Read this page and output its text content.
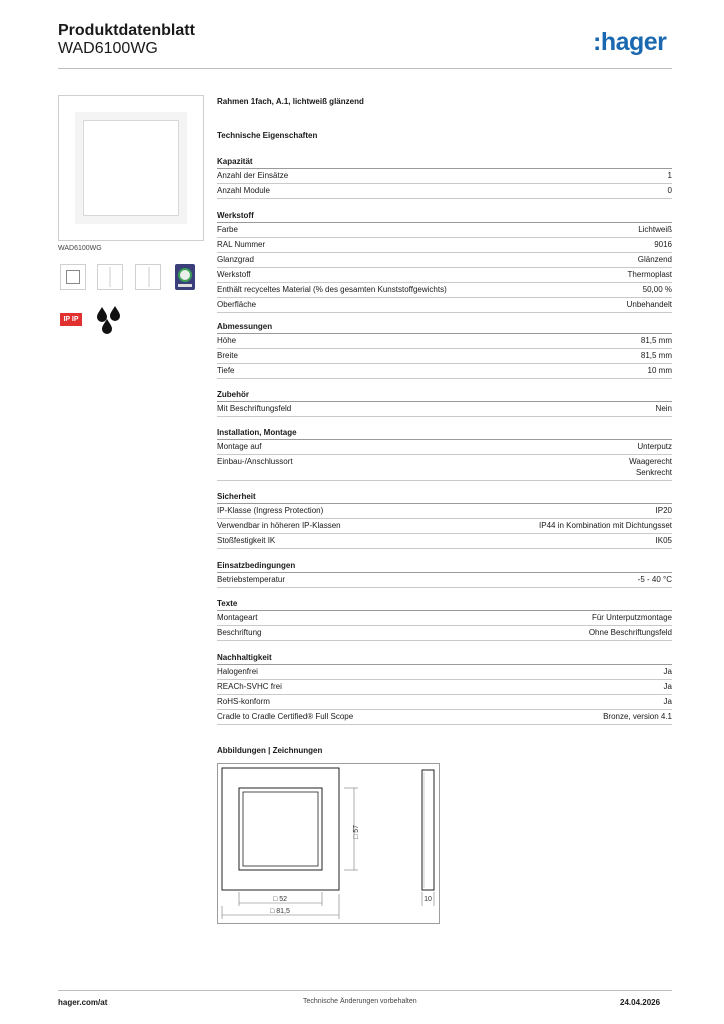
Produktdatenblatt
WAD6100WG	:hager
WAD6100WG
IP IP
Rahmen 1fach, A.1, lichtweiß glänzend
Technische Eigenschaften
Kapazität
Anzahl der Einsätze	1
Anzahl Module	0
Werkstoff
Farbe	Lichtweiß
RAL Nummer	9016
Glanzgrad	Glänzend
Werkstoff	Thermoplast
Enthält recyceltes Material (% des gesamten Kunststoffgewichts)	50,00 %
Oberfläche	Unbehandelt
Abmessungen
Höhe	81,5 mm
Breite	81,5 mm
Tiefe	10 mm
Zubehör
Mit Beschriftungsfeld	Nein
Installation, Montage
Montage auf	Unterputz
Einbau-/Anschlussort	Waagerecht
Senkrecht
Sicherheit
IP-Klasse (Ingress Protection)	IP20
Verwendbar in höheren IP-Klassen	IP44 in Kombination mit Dichtungsset
Stoßfestigkeit IK	IK05
Einsatzbedingungen
Betriebstemperatur	-5 - 40 °C
Texte
Montageart	Für Unterputzmontage
Beschriftung	Ohne Beschriftungsfeld
Nachhaltigkeit
Halogenfrei	Ja
REACh-SVHC frei	Ja
RoHS-konform	Ja
Cradle to Cradle Certified® Full Scope	Bronze, version 4.1
Abbildungen | Zeichnungen
□ 57
□ 52
□ 81,5
10
hager.com/at	Technische Änderungen vorbehalten	24.04.2026
